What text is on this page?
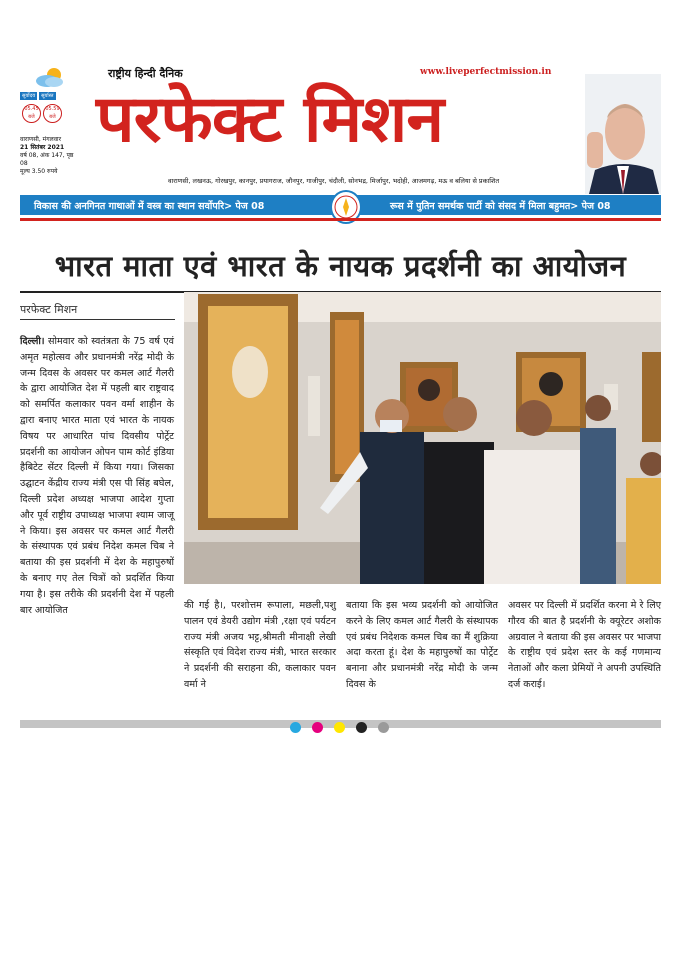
सूर्योदय सूर्यास्त
05.45
बजे05.59
बजे
वाराणसी, मंगलवार
21 सितंबर 2021
वर्ष 08, अंक 147, पृष्ठ 08
मूल्य 3.50 रुपये
राष्ट्रीय हिन्दी दैनिक	www.liveperfectmission.in
परफेक्ट मिशन
वाराणसी, लखनऊ, गोरखपुर, कानपुर, प्रयागराज, जौनपुर, गाजीपुर, चंदौली, सोनभद्र, मिर्जापुर, भदोही, आजमगढ़, मऊ व बलिया से प्रकाशित
विकास की अनगिनत गाथाओं में वस्त्र का स्थान सर्वोपरि> पेज 08	रूस में पुतिन समर्थक पार्टी को संसद में मिला बहुमत> पेज 08
भारत माता एवं भारत के नायक प्रदर्शनी का आयोजन
परफेक्ट मिशन
दिल्ली। सोमवार को स्वतंत्रता के 75 वर्ष एवं अमृत महोत्सव और प्रधानमंत्री नरेंद्र मोदी के जन्म दिवस के अवसर पर कमल आर्ट गैलरी के द्वारा आयोजित देश में पहली बार राष्ट्रवाद को समर्पित कलाकार पवन वर्मा शाहीन के द्वारा बनाए भारत माता एवं भारत के नायक विषय पर आधारित पांच दिवसीय पोर्ट्रेट प्रदर्शनी का आयोजन ओपन पाम कोर्ट इंडिया हैबिटेट सेंटर दिल्ली में किया गया। जिसका उद्घाटन केंद्रीय राज्य मंत्री एस पी सिंह बघेल, दिल्ली प्रदेश अध्यक्ष भाजपा आदेश गुप्ता और पूर्व राष्ट्रीय उपाध्यक्ष भाजपा श्याम जाजू ने किया। इस अवसर पर कमल आर्ट गैलरी के संस्थापक एवं प्रबंध निदेश कमल चिब ने बताया की इस प्रदर्शनी में देश के महापुरुषों के बनाए गए तेल चित्रों को प्रदर्शित किया गया है। इस तरीके की प्रदर्शनी देश में पहली बार आयोजित	की गई है।, परशोत्तम रूपाला, मछली,पशु पालन एवं डेयरी उद्योग मंत्री ,रक्षा एवं पर्यटन राज्य मंत्री अजय भट्ट,श्रीमती मीनाक्षी लेखी संस्कृति एवं विदेश राज्य मंत्री, भारत सरकार ने प्रदर्शनी की सराहना की, कलाकार पवन वर्मा ने
बताया कि इस भव्य प्रदर्शनी को आयोजित करने के लिए कमल आर्ट गैलरी के संस्थापक एवं प्रबंध निदेशक कमल चिब का मैं शुक्रिया अदा करता हूं। देश के महापुरुषों का पोर्ट्रेट बनाना और प्रधानमंत्री नरेंद्र मोदी के जन्म दिवस के
अवसर पर दिल्ली में प्रदर्शित करना मे रे लिए गौरव की बात है प्रदर्शनी के क्यूरेटर अशोक अग्रवाल ने बताया की इस अवसर पर भाजपा के राष्ट्रीय एवं प्रदेश स्तर के कई गणमान्य नेताओं और कला प्रेमियों ने अपनी उपस्थिति दर्ज कराई।
